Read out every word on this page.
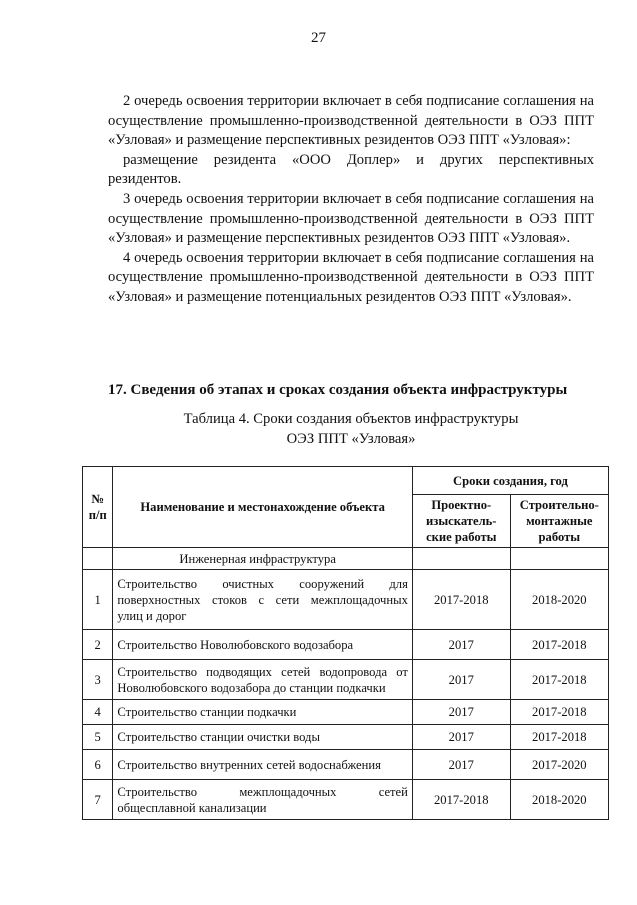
27

2 очередь освоения территории включает в себя подписание соглашения на осуществление промышленно-производственной деятельности в ОЭЗ ППТ «Узловая» и размещение перспективных резидентов ОЭЗ ППТ «Узловая»:

размещение резидента «ООО Доплер» и других перспективных резидентов.

3 очередь освоения территории включает в себя подписание соглашения на осуществление промышленно-производственной деятельности в ОЭЗ ППТ «Узловая» и размещение перспективных резидентов ОЭЗ ППТ «Узловая».

4 очередь освоения территории включает в себя подписание соглашения на осуществление промышленно-производственной деятельности в ОЭЗ ППТ «Узловая» и размещение потенциальных резидентов ОЭЗ ППТ «Узловая».

17. Сведения об этапах и сроках создания объекта инфраструктуры
Таблица 4. Сроки создания объектов инфраструктуры
ОЭЗ ППТ «Узловая»
№ п/п	Наименование и местонахождение объекта	Сроки создания, год	
		Проектно-изыскатель-ские работы	Строительно-монтажные работы
	Инженерная инфраструктура		
1	Строительство очистных сооружений для
поверхностных стоков с сети межплощадочных
улиц и дорог	2017-2018	2018-2020
2	Строительство Новолюбовского водозабора	2017	2017-2018
3	Строительство подводящих сетей водопровода от
Новолюбовского водозабора до станции подкачки	2017	2017-2018
4	Строительство станции подкачки	2017	2017-2018
5	Строительство станции очистки воды	2017	2017-2018
6	Строительство внутренних сетей водоснабжения	2017	2017-2020
7	Строительство межплощадочных сетей
общесплавной канализации	2017-2018	2018-2020
